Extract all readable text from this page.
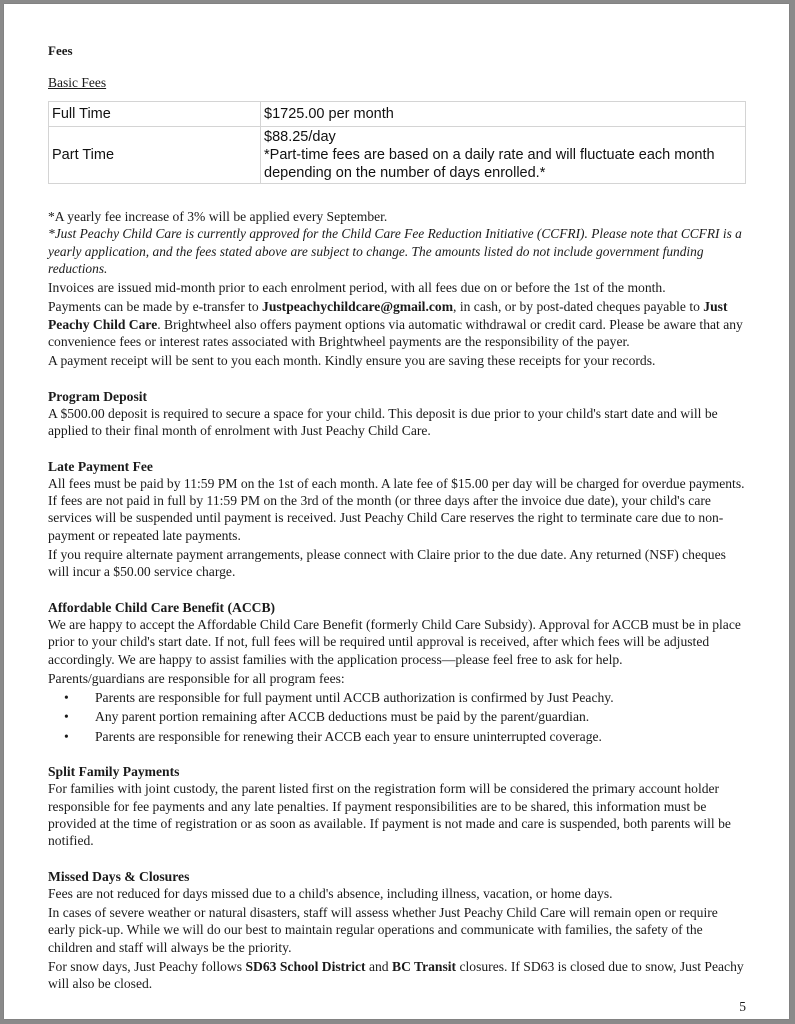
Fees
Basic Fees
Full Time	$1725.00 per month
Part Time	$88.25/day
*Part-time fees are based on a daily rate and will fluctuate each month depending on the number of days enrolled.*

*A yearly fee increase of 3% will be applied every September.

*Just Peachy Child Care is currently approved for the Child Care Fee Reduction Initiative (CCFRI). Please note that CCFRI is a yearly application, and the fees stated above are subject to change. The amounts listed do not include government funding reductions.

Invoices are issued mid-month prior to each enrolment period, with all fees due on or before the 1st of the month.

Payments can be made by e-transfer to Justpeachychildcare@gmail.com, in cash, or by post-dated cheques payable to Just Peachy Child Care. Brightwheel also offers payment options via automatic withdrawal or credit card. Please be aware that any convenience fees or interest rates associated with Brightwheel payments are the responsibility of the payer.

A payment receipt will be sent to you each month. Kindly ensure you are saving these receipts for your records.

Program Deposit

A $500.00 deposit is required to secure a space for your child. This deposit is due prior to your child's start date and will be applied to their final month of enrolment with Just Peachy Child Care.

Late Payment Fee

All fees must be paid by 11:59 PM on the 1st of each month. A late fee of $15.00 per day will be charged for overdue payments. If fees are not paid in full by 11:59 PM on the 3rd of the month (or three days after the invoice due date), your child's care services will be suspended until payment is received. Just Peachy Child Care reserves the right to terminate care due to non-payment or repeated late payments.

If you require alternate payment arrangements, please connect with Claire prior to the due date. Any returned (NSF) cheques will incur a $50.00 service charge.

Affordable Child Care Benefit (ACCB)

We are happy to accept the Affordable Child Care Benefit (formerly Child Care Subsidy). Approval for ACCB must be in place prior to your child's start date. If not, full fees will be required until approval is received, after which fees will be adjusted accordingly. We are happy to assist families with the application process—please feel free to ask for help.

Parents/guardians are responsible for all program fees:

• Parents are responsible for full payment until ACCB authorization is confirmed by Just Peachy.
• Any parent portion remaining after ACCB deductions must be paid by the parent/guardian.
• Parents are responsible for renewing their ACCB each year to ensure uninterrupted coverage.

Split Family Payments

For families with joint custody, the parent listed first on the registration form will be considered the primary account holder responsible for fee payments and any late penalties. If payment responsibilities are to be shared, this information must be provided at the time of registration or as soon as available. If payment is not made and care is suspended, both parents will be notified.

Missed Days & Closures

Fees are not reduced for days missed due to a child's absence, including illness, vacation, or home days.

In cases of severe weather or natural disasters, staff will assess whether Just Peachy Child Care will remain open or require early pick-up. While we will do our best to maintain regular operations and communicate with families, the safety of the children and staff will always be the priority.

For snow days, Just Peachy follows SD63 School District and BC Transit closures. If SD63 is closed due to snow, Just Peachy will also be closed.

5
